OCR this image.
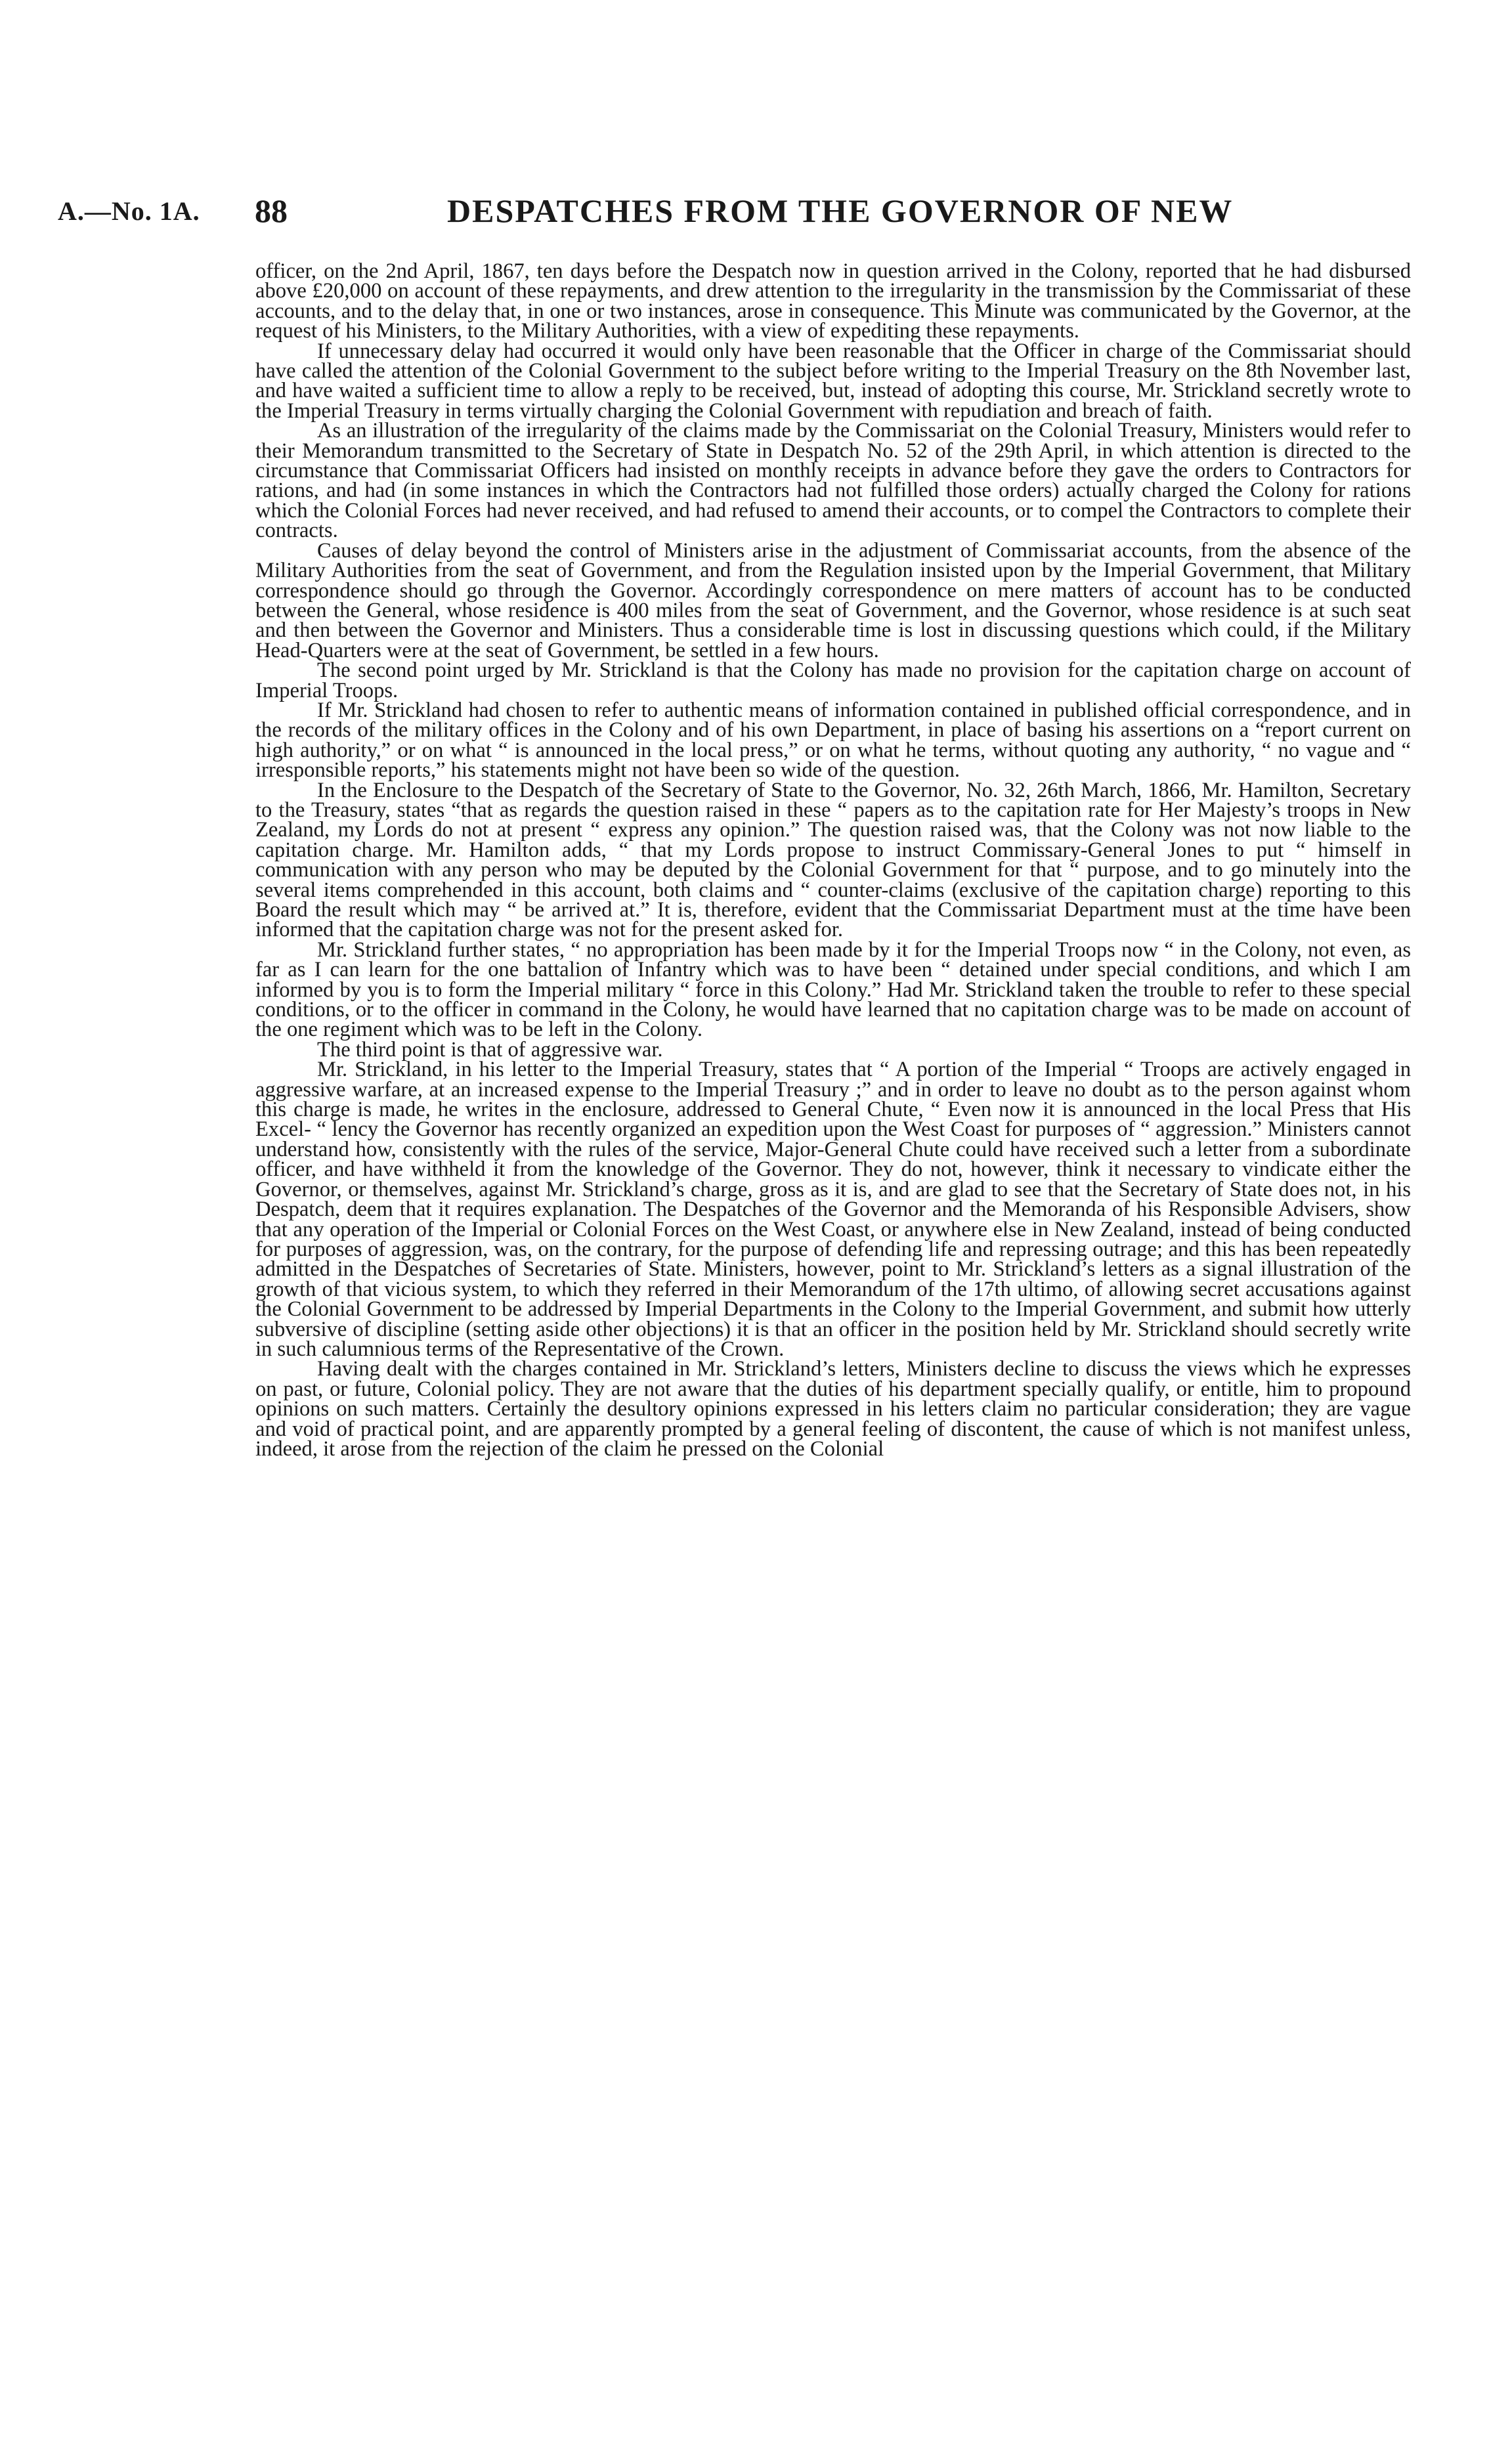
A.—No. 1A. 88	DESPATCHES FROM THE GOVERNOR OF NEW

officer, on the 2nd April, 1867, ten days before the Despatch now in question arrived in the Colony, reported that he had disbursed above £20,000 on account of these repayments, and drew attention to the irregularity in the transmission by the Commissariat of these accounts, and to the delay that, in one or two instances, arose in consequence. This Minute was communicated by the Governor, at the request of his Ministers, to the Military Authorities, with a view of expediting these repayments.

If unnecessary delay had occurred it would only have been reasonable that the Officer in charge of the Commissariat should have called the attention of the Colonial Government to the subject before writing to the Imperial Treasury on the 8th November last, and have waited a sufficient time to allow a reply to be received, but, instead of adopting this course, Mr. Strickland secretly wrote to the Imperial Treasury in terms virtually charging the Colonial Government with repudiation and breach of faith.

As an illustration of the irregularity of the claims made by the Commissariat on the Colonial Treasury, Ministers would refer to their Memorandum transmitted to the Secretary of State in Despatch No. 52 of the 29th April, in which attention is directed to the circumstance that Commissariat Officers had insisted on monthly receipts in advance before they gave the orders to Contractors for rations, and had (in some instances in which the Contractors had not fulfilled those orders) actually charged the Colony for rations which the Colonial Forces had never received, and had refused to amend their accounts, or to compel the Contractors to complete their contracts.

Causes of delay beyond the control of Ministers arise in the adjustment of Commissariat accounts, from the absence of the Military Authorities from the seat of Government, and from the Regulation insisted upon by the Imperial Government, that Military correspondence should go through the Governor. Accordingly correspondence on mere matters of account has to be conducted between the General, whose residence is 400 miles from the seat of Government, and the Governor, whose residence is at such seat and then between the Governor and Ministers. Thus a considerable time is lost in discussing questions which could, if the Military Head-Quarters were at the seat of Government, be settled in a few hours.

The second point urged by Mr. Strickland is that the Colony has made no provision for the capitation charge on account of Imperial Troops.

If Mr. Strickland had chosen to refer to authentic means of information contained in published official correspondence, and in the records of the military offices in the Colony and of his own Department, in place of basing his assertions on a “report current on high authority,” or on what “ is announced in the local press,” or on what he terms, without quoting any authority, “ no vague and “ irresponsible reports,” his statements might not have been so wide of the question.

In the Enclosure to the Despatch of the Secretary of State to the Governor, No. 32, 26th March, 1866, Mr. Hamilton, Secretary to the Treasury, states “that as regards the question raised in these “ papers as to the capitation rate for Her Majesty’s troops in New Zealand, my Lords do not at present “ express any opinion.” The question raised was, that the Colony was not now liable to the capitation charge. Mr. Hamilton adds, “ that my Lords propose to instruct Commissary-General Jones to put “ himself in communication with any person who may be deputed by the Colonial Government for that “ purpose, and to go minutely into the several items comprehended in this account, both claims and “ counter-claims (exclusive of the capitation charge) reporting to this Board the result which may “ be arrived at.” It is, therefore, evident that the Commissariat Department must at the time have been informed that the capitation charge was not for the present asked for.

Mr. Strickland further states, “ no appropriation has been made by it for the Imperial Troops now “ in the Colony, not even, as far as I can learn for the one battalion of Infantry which was to have been “ detained under special conditions, and which I am informed by you is to form the Imperial military “ force in this Colony.” Had Mr. Strickland taken the trouble to refer to these special conditions, or to the officer in command in the Colony, he would have learned that no capitation charge was to be made on account of the one regiment which was to be left in the Colony.

The third point is that of aggressive war.

Mr. Strickland, in his letter to the Imperial Treasury, states that “ A portion of the Imperial “ Troops are actively engaged in aggressive warfare, at an increased expense to the Imperial Treasury ;” and in order to leave no doubt as to the person against whom this charge is made, he writes in the enclosure, addressed to General Chute, “ Even now it is announced in the local Press that His Excel- “ lency the Governor has recently organized an expedition upon the West Coast for purposes of “ aggression.” Ministers cannot understand how, consistently with the rules of the service, Major-General Chute could have received such a letter from a subordinate officer, and have withheld it from the knowledge of the Governor. They do not, however, think it necessary to vindicate either the Governor, or themselves, against Mr. Strickland’s charge, gross as it is, and are glad to see that the Secretary of State does not, in his Despatch, deem that it requires explanation. The Despatches of the Governor and the Memoranda of his Responsible Advisers, show that any operation of the Imperial or Colonial Forces on the West Coast, or anywhere else in New Zealand, instead of being conducted for purposes of aggression, was, on the contrary, for the purpose of defending life and repressing outrage; and this has been repeatedly admitted in the Despatches of Secretaries of State. Ministers, however, point to Mr. Strickland’s letters as a signal illustration of the growth of that vicious system, to which they referred in their Memorandum of the 17th ultimo, of allowing secret accusations against the Colonial Government to be addressed by Imperial Departments in the Colony to the Imperial Government, and submit how utterly subversive of discipline (setting aside other objections) it is that an officer in the position held by Mr. Strickland should secretly write in such calumnious terms of the Representative of the Crown.

Having dealt with the charges contained in Mr. Strickland’s letters, Ministers decline to discuss the views which he expresses on past, or future, Colonial policy. They are not aware that the duties of his department specially qualify, or entitle, him to propound opinions on such matters. Certainly the desultory opinions expressed in his letters claim no particular consideration; they are vague and void of practical point, and are apparently prompted by a general feeling of discontent, the cause of which is not manifest unless, indeed, it arose from the rejection of the claim he pressed on the Colonial
